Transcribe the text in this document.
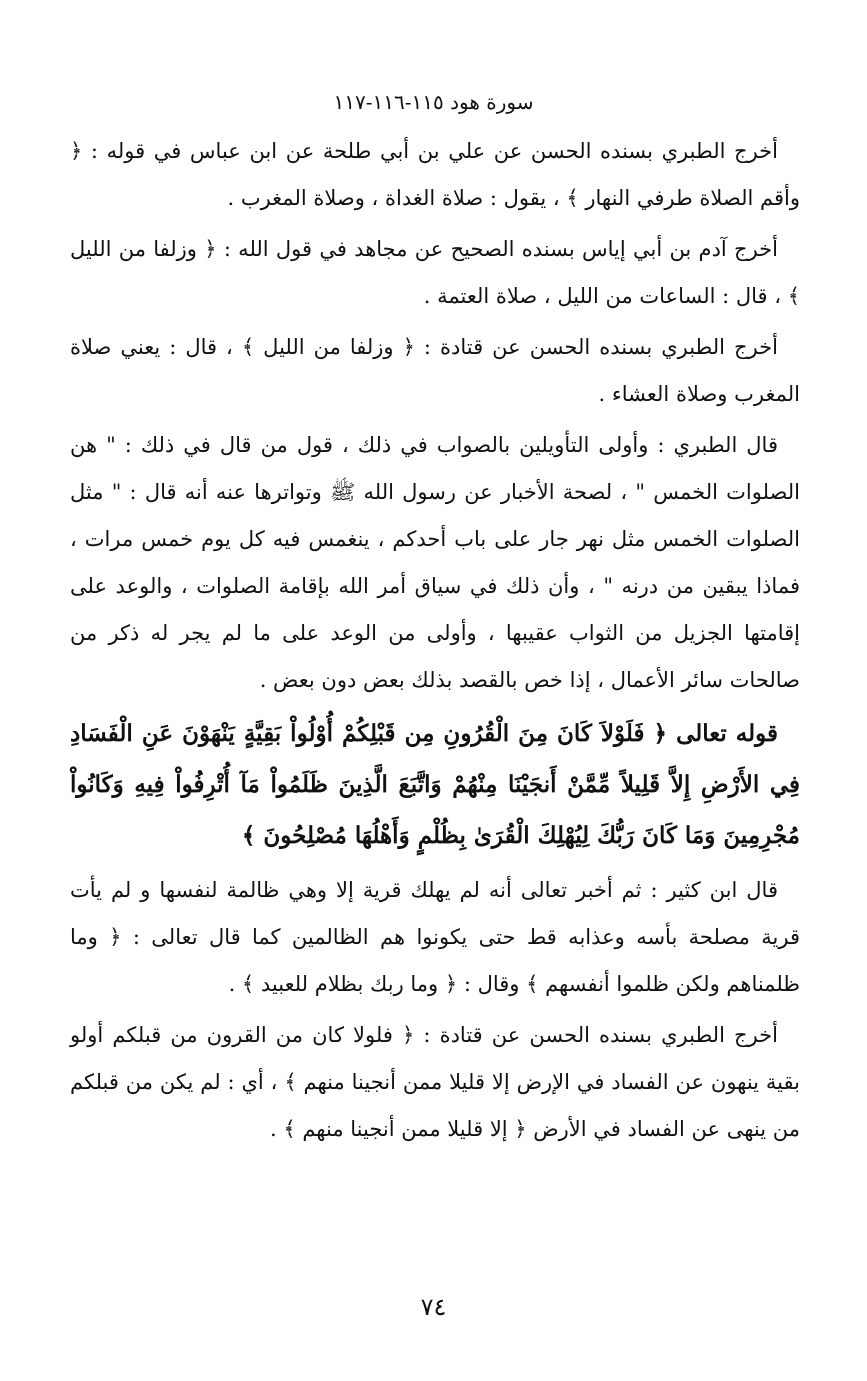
سورة هود ١١٥-١١٦-١١٧

أخرج الطبري بسنده الحسن عن علي بن أبي طلحة عن ابن عباس في قوله : ﴿ وأقم الصلاة طرفي النهار ﴾ ، يقول : صلاة الغداة ، وصلاة المغرب .

أخرج آدم بن أبي إياس بسنده الصحيح عن مجاهد في قول الله : ﴿ وزلفا من الليل ﴾ ، قال : الساعات من الليل ، صلاة العتمة .

أخرج الطبري بسنده الحسن عن قتادة : ﴿ وزلفا من الليل ﴾ ، قال : يعني صلاة المغرب وصلاة العشاء .

قال الطبري : وأولى التأويلين بالصواب في ذلك ، قول من قال في ذلك : " هن الصلوات الخمس " ، لصحة الأخبار عن رسول الله ﷺ وتواترها عنه أنه قال : " مثل الصلوات الخمس مثل نهر جار على باب أحدكم ، ينغمس فيه كل يوم خمس مرات ، فماذا يبقين من درنه " ، وأن ذلك في سياق أمر الله بإقامة الصلوات ، والوعد على إقامتها الجزيل من الثواب عقيبها ، وأولى من الوعد على ما لم يجر له ذكر من صالحات سائر الأعمال ، إذا خص بالقصد بذلك بعض دون بعض .

قوله تعالى ﴿ فَلَوْلاَ كَانَ مِنَ الْقُرُونِ مِن قَبْلِكُمْ أُوْلُواْ بَقِيَّةٍ يَنْهَوْنَ عَنِ الْفَسَادِ فِي الأَرْضِ إِلاَّ قَلِيلاً مِّمَّنْ أَنجَيْنَا مِنْهُمْ وَاتَّبَعَ الَّذِينَ ظَلَمُواْ مَآ أُتْرِفُواْ فِيهِ وَكَانُواْ مُجْرِمِينَ وَمَا كَانَ رَبُّكَ لِيُهْلِكَ الْقُرَىٰ بِظُلْمٍ وَأَهْلُهَا مُصْلِحُونَ ﴾

قال ابن كثير : ثم أخبر تعالى أنه لم يهلك قرية إلا وهي ظالمة لنفسها و لم يأت قرية مصلحة بأسه وعذابه قط حتى يكونوا هم الظالمين كما قال تعالى : ﴿ وما ظلمناهم ولكن ظلموا أنفسهم ﴾ وقال : ﴿ وما ربك بظلام للعبيد ﴾ .

أخرج الطبري بسنده الحسن عن قتادة : ﴿ فلولا كان من القرون من قبلكم أولو بقية ينهون عن الفساد في الإرض إلا قليلا ممن أنجينا منهم ﴾ ، أي : لم يكن من قبلكم من ينهى عن الفساد في الأرض ﴿ إلا قليلا ممن أنجينا منهم ﴾ .

٧٤
